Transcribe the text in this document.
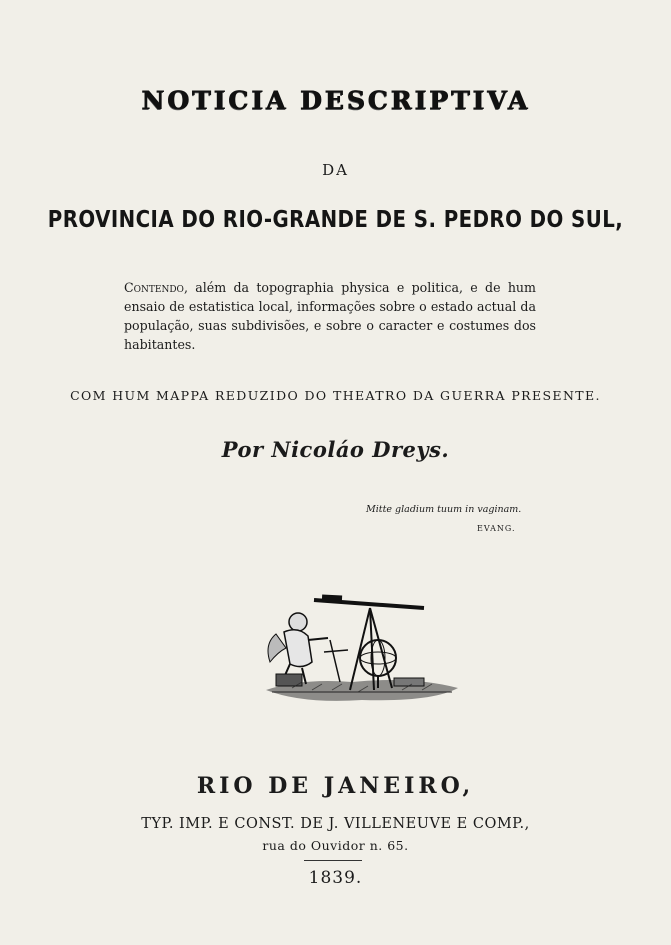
NOTICIA DESCRIPTIVA
DA
PROVINCIA DO RIO-GRANDE DE S. PEDRO DO SUL,
Contendo, além da topographia physica e politica, e de hum ensaio de estatistica local, informações sobre o estado actual da população, suas subdivisões, e sobre o caracter e costumes dos habitantes.
COM HUM MAPPA REDUZIDO DO THEATRO DA GUERRA PRESENTE.
Por Nicoláo Dreys.
Mitte gladium tuum in vaginam.
EVANG.
RIO DE JANEIRO,
TYP. IMP. E CONST. DE J. VILLENEUVE E COMP.,
rua do Ouvidor n. 65.
1839.
